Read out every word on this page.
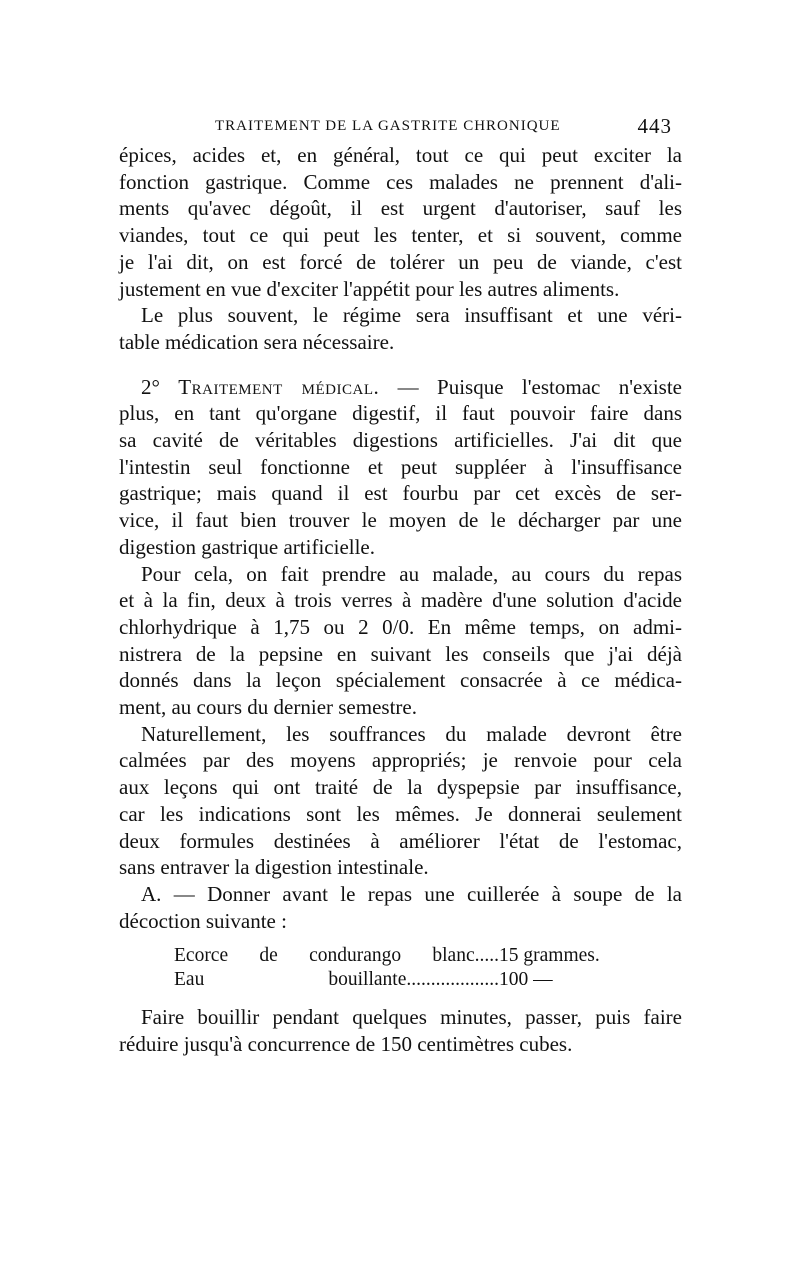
TRAITEMENT DE LA GASTRITE CHRONIQUE	443
épices, acides et, en général, tout ce qui peut exciter la
fonction gastrique. Comme ces malades ne prennent d'ali-
ments qu'avec dégoût, il est urgent d'autoriser, sauf les
viandes, tout ce qui peut les tenter, et si souvent, comme
je l'ai dit, on est forcé de tolérer un peu de viande, c'est
justement en vue d'exciter l'appétit pour les autres aliments.
Le plus souvent, le régime sera insuffisant et une véri-
table médication sera nécessaire.
2° Traitement médical. — Puisque l'estomac n'existe
plus, en tant qu'organe digestif, il faut pouvoir faire dans
sa cavité de véritables digestions artificielles. J'ai dit que
l'intestin seul fonctionne et peut suppléer à l'insuffisance
gastrique; mais quand il est fourbu par cet excès de ser-
vice, il faut bien trouver le moyen de le décharger par une
digestion gastrique artificielle.
Pour cela, on fait prendre au malade, au cours du repas
et à la fin, deux à trois verres à madère d'une solution d'acide
chlorhydrique à 1,75 ou 2 0/0. En même temps, on admi-
nistrera de la pepsine en suivant les conseils que j'ai déjà
donnés dans la leçon spécialement consacrée à ce médica-
ment, au cours du dernier semestre.
Naturellement, les souffrances du malade devront être
calmées par des moyens appropriés; je renvoie pour cela
aux leçons qui ont traité de la dyspepsie par insuffisance,
car les indications sont les mêmes. Je donnerai seulement
deux formules destinées à améliorer l'état de l'estomac,
sans entraver la digestion intestinale.
A. — Donner avant le repas une cuillerée à soupe de la
décoction suivante :
Ecorce de condurango blanc..... 15 grammes.
Eau bouillante................... 100 —
Faire bouillir pendant quelques minutes, passer, puis faire
réduire jusqu'à concurrence de 150 centimètres cubes.
